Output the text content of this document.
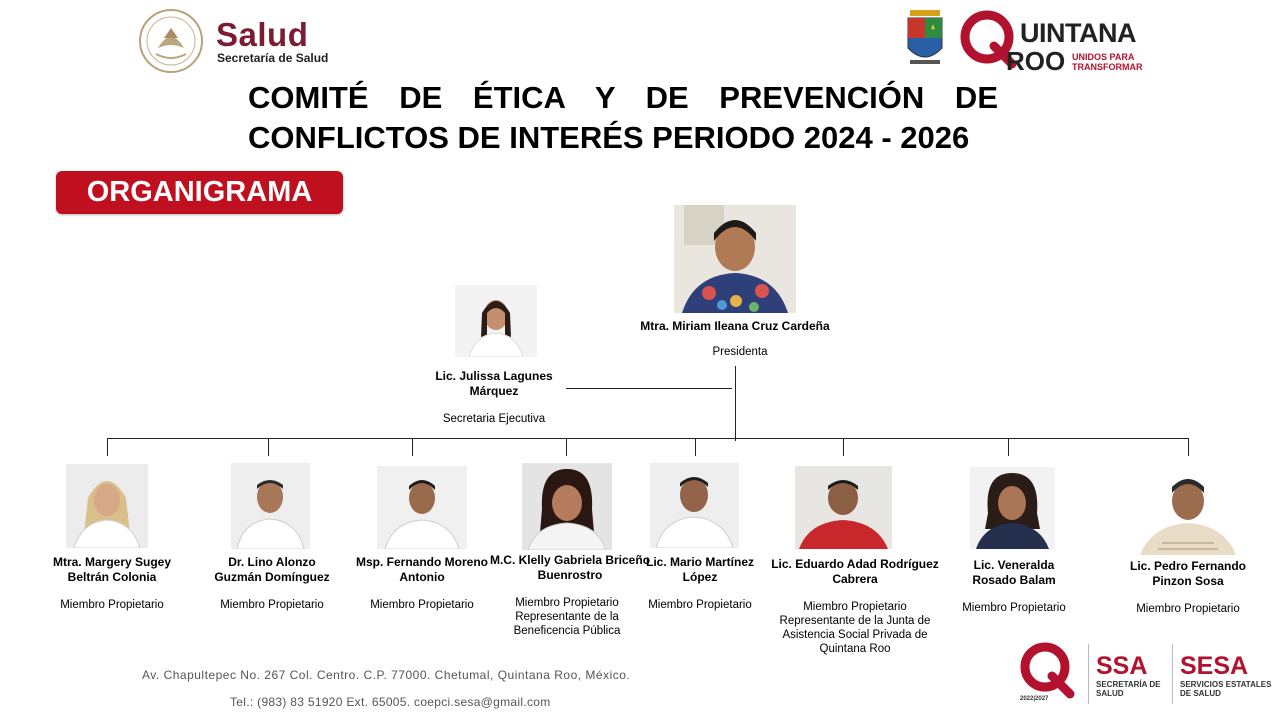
Salud
Secretaría de Salud
UINTANA
ROO UNIDOS PARA TRANSFORMAR
COMITÉ DE ÉTICA Y DE PREVENCIÓN DE
CONFLICTOS DE INTERÉS PERIODO 2024 - 2026
ORGANIGRAMA
Mtra. Miriam Ileana Cruz Cardeña
Presidenta
Lic. Julissa Lagunes Márquez
Secretaria Ejecutiva
Mtra. Margery Sugey Beltrán Colonia
Miembro Propietario
Dr. Lino Alonzo Guzmán Domínguez
Miembro Propietario
Msp. Fernando Moreno Antonio
Miembro Propietario
M.C. Klelly Gabriela Briceño Buenrostro
Miembro Propietario Representante de la Beneficencia Pública
Lic. Mario Martínez López
Miembro Propietario
Lic. Eduardo Adad Rodríguez Cabrera
Miembro Propietario Representante de la Junta de Asistencia Social Privada de Quintana Roo
Lic. Veneralda Rosado Balam
Miembro Propietario
Lic. Pedro Fernando Pinzon Sosa
Miembro Propietario
Av. Chapultepec No. 267 Col. Centro. C.P. 77000. Chetumal, Quintana Roo, México.
Tel.: (983) 83 51920 Ext. 65005. coepci.sesa@gmail.com	2022|2027
SSA
SECRETARÍA DE SALUD
SESA
SERVICIOS ESTATALES DE SALUD
